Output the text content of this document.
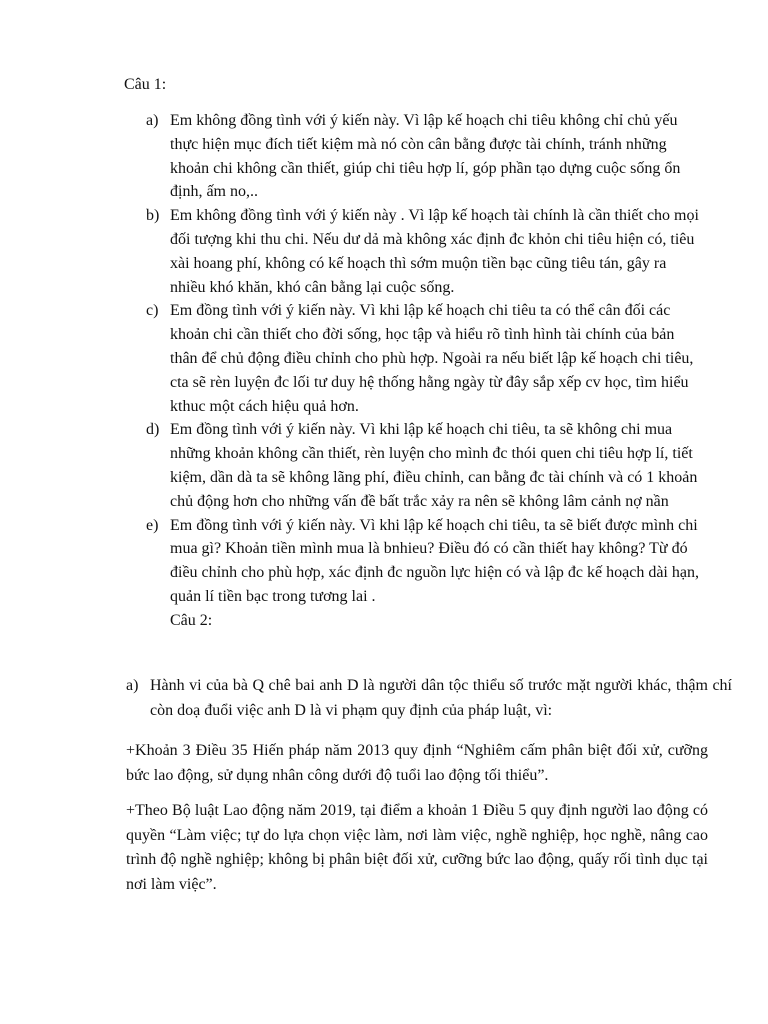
Câu 1:
a) Em không đồng tình với ý kiến này. Vì lập kế hoạch chi tiêu không chỉ chủ yếu thực hiện mục đích tiết kiệm mà nó còn cân bằng được tài chính, tránh những khoản chi không cần thiết, giúp chi tiêu hợp lí, góp phần tạo dựng cuộc sống ổn định, ấm no,..
b) Em không đồng tình với ý kiến này . Vì lập kế hoạch tài chính là cần thiết cho mọi đối tượng khi thu chi. Nếu dư dả mà không xác định đc khỏn chi tiêu hiện có, tiêu xài hoang phí, không có kế hoạch thì sớm muộn tiền bạc cũng tiêu tán, gây ra nhiều khó khăn, khó cân bằng lại cuộc sống.
c) Em đồng tình với ý kiến này. Vì khi lập kế hoạch chi tiêu ta có thể cân đối các khoản chi cần thiết cho đời sống, học tập và hiểu rõ tình hình tài chính của bản thân để chủ động điều chỉnh cho phù hợp. Ngoài ra nếu biết lập kế hoạch chi tiêu, cta sẽ rèn luyện đc lối tư duy hệ thống hằng ngày từ đây sắp xếp cv học, tìm hiểu kthuc một cách hiệu quả hơn.
d) Em đồng tình với ý kiến này. Vì khi lập kế hoạch chi tiêu, ta sẽ không chi mua những khoản không cần thiết, rèn luyện cho mình đc thói quen chi tiêu hợp lí, tiết kiệm, dần dà ta sẽ không lãng phí, điều chỉnh, can bằng đc tài chính và có 1 khoản chủ động hơn cho những vấn đề bất trắc xảy ra nên sẽ không lâm cảnh nợ nần
e) Em đồng tình với ý kiến này. Vì khi lập kế hoạch chi tiêu, ta sẽ biết được mình chi mua gì? Khoản tiền mình mua là bnhieu? Điều đó có cần thiết hay không? Từ đó điều chỉnh cho phù hợp, xác định đc nguồn lực hiện có và lập đc kế hoạch dài hạn, quản lí tiền bạc trong tương lai .
Câu 2:
a) Hành vi của bà Q chê bai anh D là người dân tộc thiểu số trước mặt người khác, thậm chí còn doạ đuổi việc anh D là vi phạm quy định của pháp luật, vì:

+Khoản 3 Điều 35 Hiến pháp năm 2013 quy định “Nghiêm cấm phân biệt đối xử, cưỡng bức lao động, sử dụng nhân công dưới độ tuổi lao động tối thiểu”.

+Theo Bộ luật Lao động năm 2019, tại điểm a khoản 1 Điều 5 quy định người lao động có quyền “Làm việc; tự do lựa chọn việc làm, nơi làm việc, nghề nghiệp, học nghề, nâng cao trình độ nghề nghiệp; không bị phân biệt đối xử, cưỡng bức lao động, quấy rối tình dục tại nơi làm việc”.
